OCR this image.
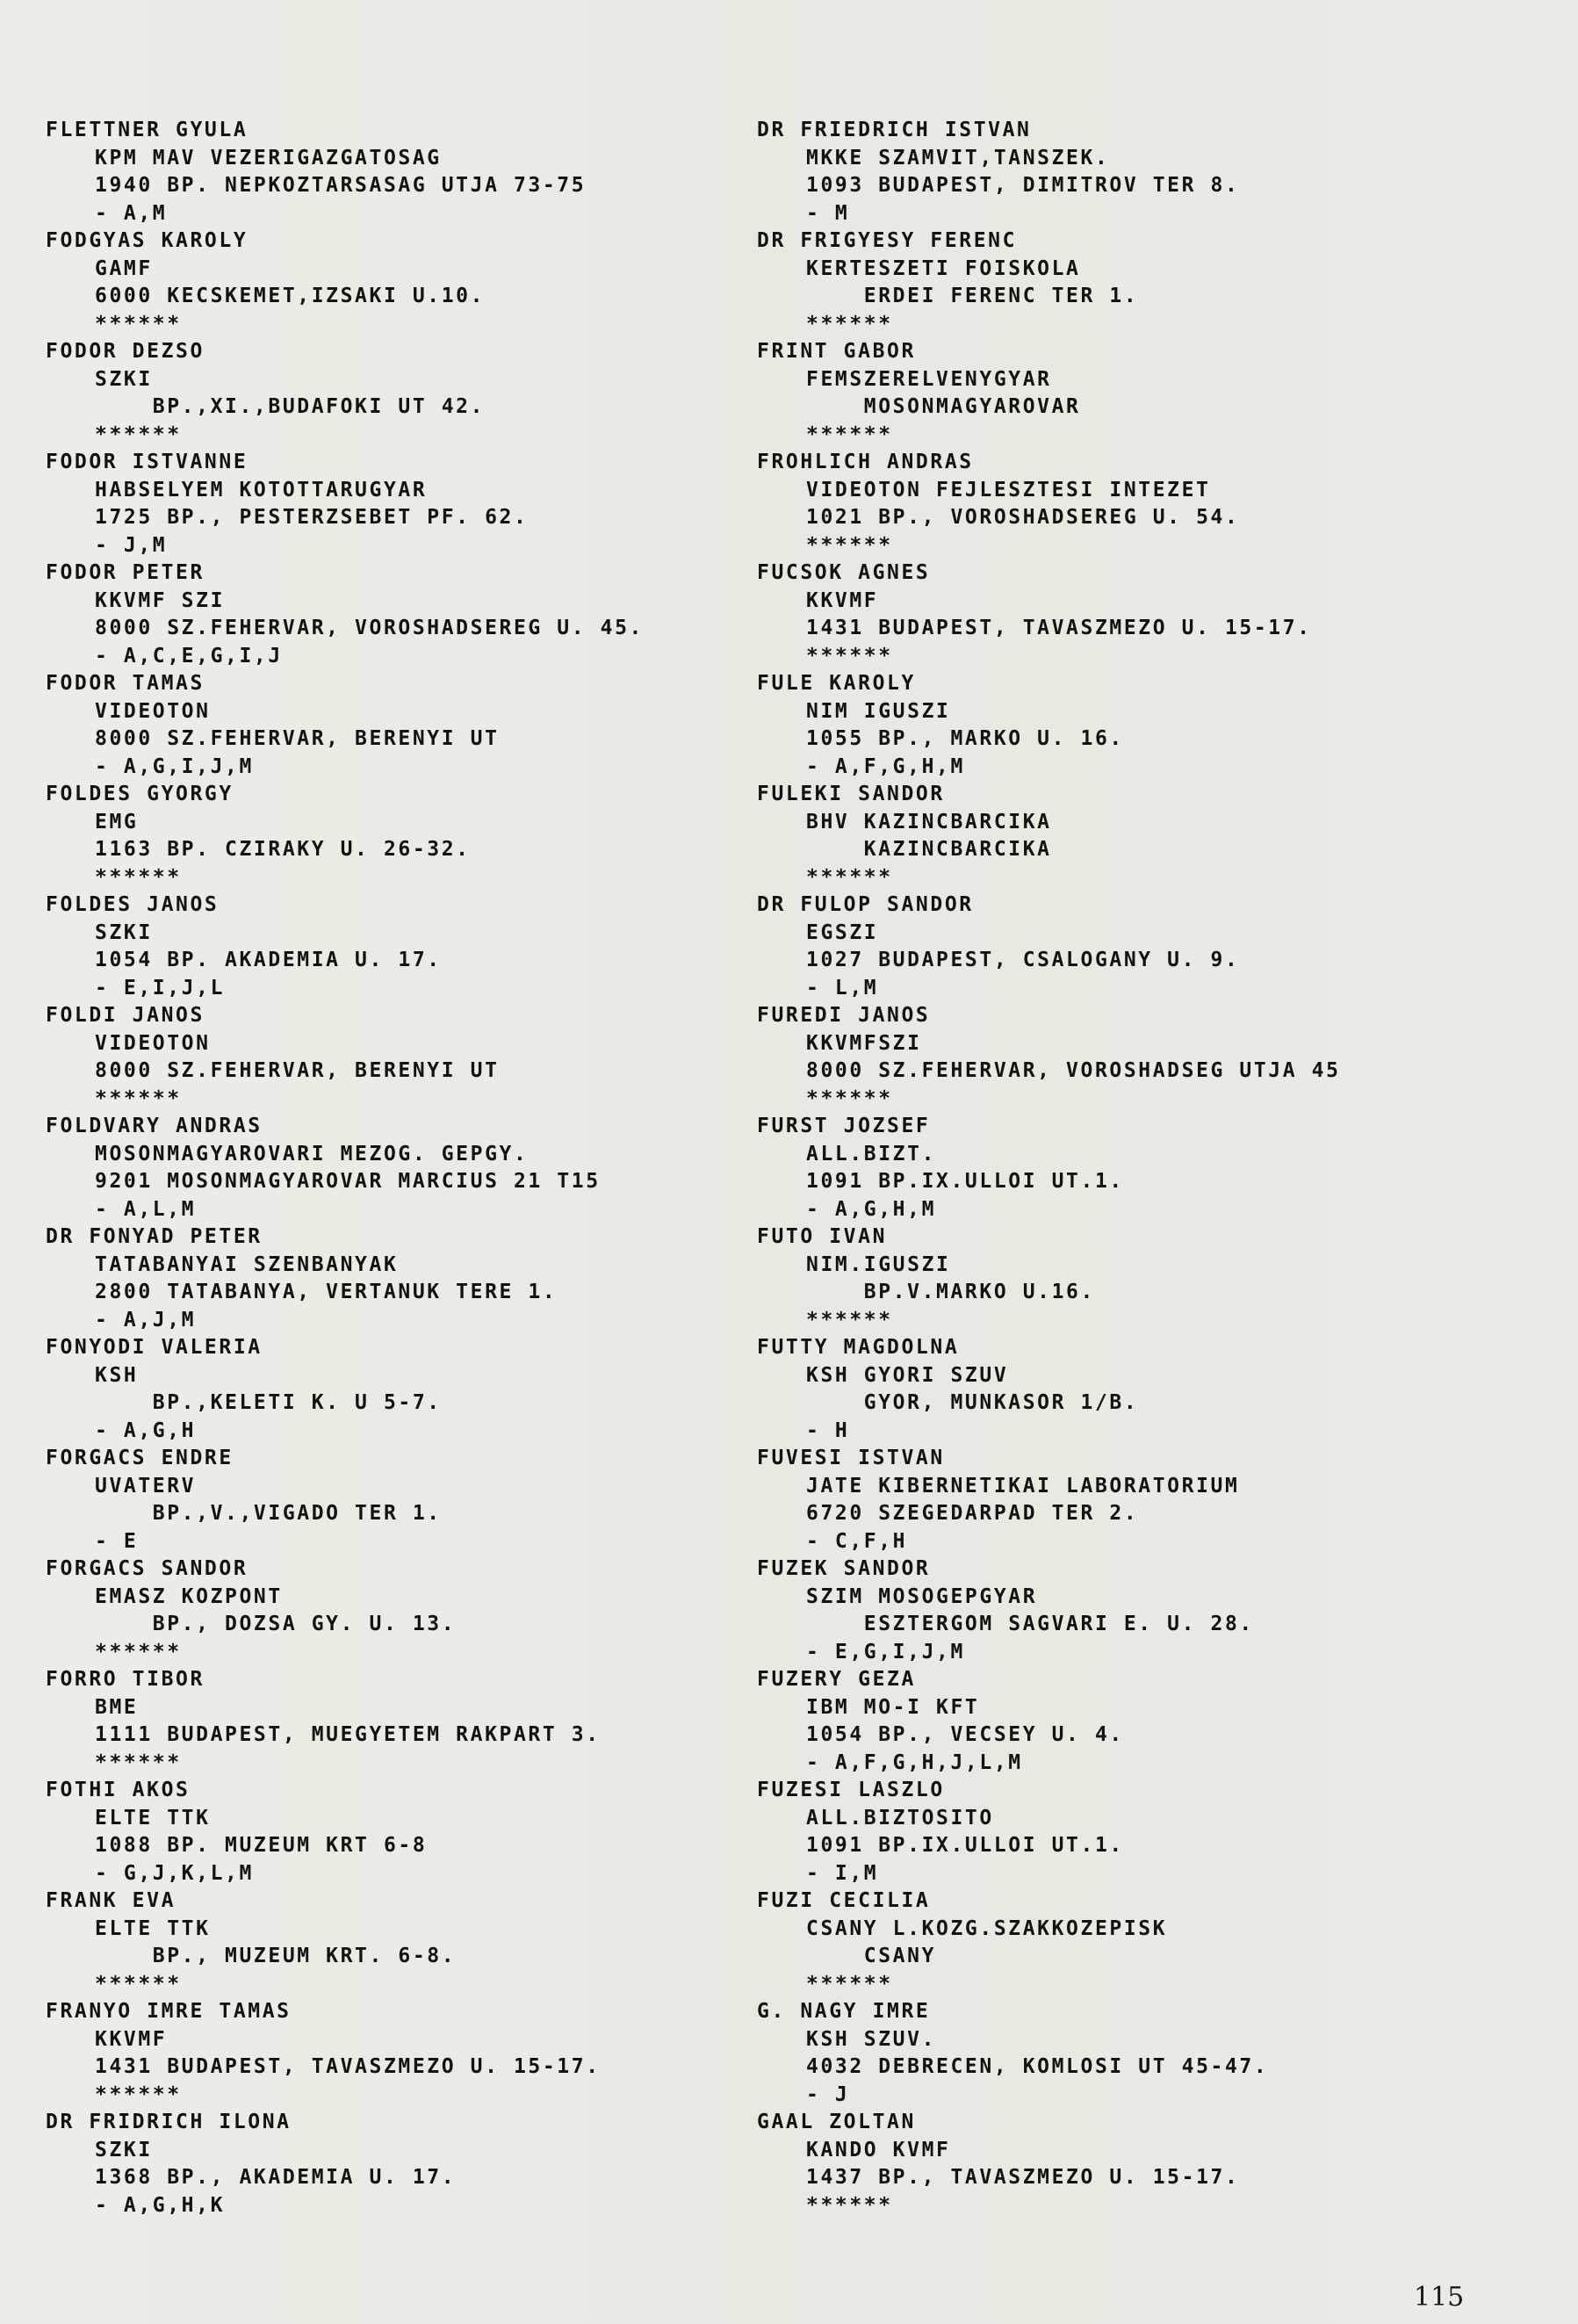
FLETTNER GYULA
KPM MAV VEZERIGAZGATOSAG
1940 BP. NEPKOZTARSASAG UTJA 73-75
- A,M
FODGYAS KAROLY
GAMF
6000 KECSKEMET,IZSAKI U.10.
******
FODOR DEZSO
SZKI
BP.,XI.,BUDAFOKI UT 42.
******
FODOR ISTVANNE
HABSELYEM KOTOTTARUGYAR
1725 BP., PESTERZSEBET PF. 62.
- J,M
FODOR PETER
KKVMF SZI
8000 SZ.FEHERVAR, VOROSHADSEREG U. 45.
- A,C,E,G,I,J
FODOR TAMAS
VIDEOTON
8000 SZ.FEHERVAR, BERENYI UT
- A,G,I,J,M
FOLDES GYORGY
EMG
1163 BP. CZIRAKY U. 26-32.
******
FOLDES JANOS
SZKI
1054 BP. AKADEMIA U. 17.
- E,I,J,L
FOLDI JANOS
VIDEOTON
8000 SZ.FEHERVAR, BERENYI UT
******
FOLDVARY ANDRAS
MOSONMAGYAROVARI MEZOG. GEPGY.
9201 MOSONMAGYAROVAR MARCIUS 21 T15
- A,L,M
DR FONYAD PETER
TATABANYAI SZENBANYAK
2800 TATABANYA, VERTANUK TERE 1.
- A,J,M
FONYODI VALERIA
KSH
BP.,KELETI K. U 5-7.
- A,G,H
FORGACS ENDRE
UVATERV
BP.,V.,VIGADO TER 1.
- E
FORGACS SANDOR
EMASZ KOZPONT
BP., DOZSA GY. U. 13.
******
FORRO TIBOR
BME
1111 BUDAPEST, MUEGYETEM RAKPART 3.
******
FOTHI AKOS
ELTE TTK
1088 BP. MUZEUM KRT 6-8
- G,J,K,L,M
FRANK EVA
ELTE TTK
BP., MUZEUM KRT. 6-8.
******
FRANYO IMRE TAMAS
KKVMF
1431 BUDAPEST, TAVASZMEZO U. 15-17.
******
DR FRIDRICH ILONA
SZKI
1368 BP., AKADEMIA U. 17.
- A,G,H,K
DR FRIEDRICH ISTVAN
MKKE SZAMVIT,TANSZEK.
1093 BUDAPEST, DIMITROV TER 8.
- M
DR FRIGYESY FERENC
KERTESZETI FOISKOLA
ERDEI FERENC TER 1.
******
FRINT GABOR
FEMSZERELVENYGYAR
MOSONMAGYAROVAR
******
FROHLICH ANDRAS
VIDEOTON FEJLESZTESI INTEZET
1021 BP., VOROSHADSEREG U. 54.
******
FUCSOK AGNES
KKVMF
1431 BUDAPEST, TAVASZMEZO U. 15-17.
******
FULE KAROLY
NIM IGUSZI
1055 BP., MARKO U. 16.
- A,F,G,H,M
FULEKI SANDOR
BHV KAZINCBARCIKA
KAZINCBARCIKA
******
DR FULOP SANDOR
EGSZI
1027 BUDAPEST, CSALOGANY U. 9.
- L,M
FUREDI JANOS
KKVMFSZI
8000 SZ.FEHERVAR, VOROSHADSEG UTJA 45
******
FURST JOZSEF
ALL.BIZT.
1091 BP.IX.ULLOI UT.1.
- A,G,H,M
FUTO IVAN
NIM.IGUSZI
BP.V.MARKO U.16.
******
FUTTY MAGDOLNA
KSH GYORI SZUV
GYOR, MUNKASOR 1/B.
- H
FUVESI ISTVAN
JATE KIBERNETIKAI LABORATORIUM
6720 SZEGEDARPAD TER 2.
- C,F,H
FUZEK SANDOR
SZIM MOSOGEPGYAR
ESZTERGOM SAGVARI E. U. 28.
- E,G,I,J,M
FUZERY GEZA
IBM MO-I KFT
1054 BP., VECSEY U. 4.
- A,F,G,H,J,L,M
FUZESI LASZLO
ALL.BIZTOSITO
1091 BP.IX.ULLOI UT.1.
- I,M
FUZI CECILIA
CSANY L.KOZG.SZAKKOZEPISK
CSANY
******
G. NAGY IMRE
KSH SZUV.
4032 DEBRECEN, KOMLOSI UT 45-47.
- J
GAAL ZOLTAN
KANDO KVMF
1437 BP., TAVASZMEZO U. 15-17.
******
115
